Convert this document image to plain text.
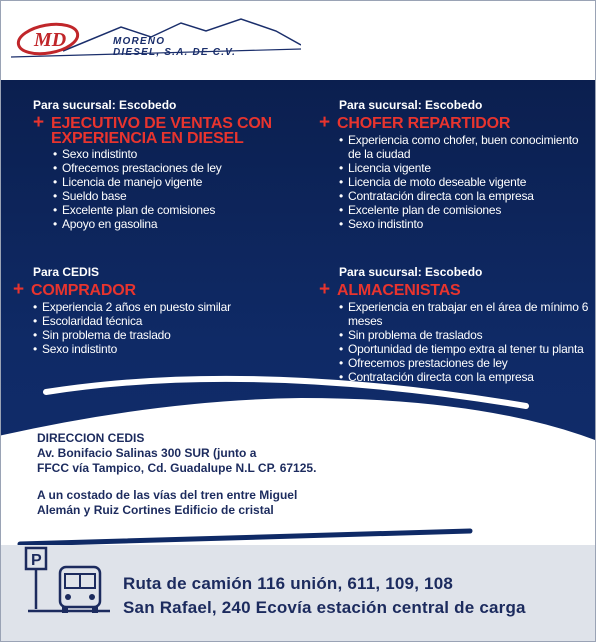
MD	MORENO
DIESEL, S.A. DE C.V.
Para sucursal: Escobedo
+ EJECUTIVO DE VENTAS CON
EXPERIENCIA EN DIESEL
• Sexo indistinto
• Ofrecemos prestaciones de ley
• Licencia de manejo vigente
• Sueldo base
• Excelente plan de comisiones
• Apoyo en gasolina
Para sucursal: Escobedo
+ CHOFER REPARTIDOR
• Experiencia como chofer, buen conocimiento de la ciudad
• Licencia vigente
• Licencia de moto deseable vigente
• Contratación directa con la empresa
• Excelente plan de comisiones
• Sexo indistinto
Para CEDIS
+ COMPRADOR
• Experiencia 2 años en puesto similar
• Escolaridad técnica
• Sin problema de traslado
• Sexo indistinto
Para sucursal: Escobedo
+ ALMACENISTAS
• Experiencia en trabajar en el área de mínimo 6 meses
• Sin problema de traslados
• Oportunidad de tiempo extra al tener tu planta
• Ofrecemos prestaciones de ley
• Contratación directa con la empresa
DIRECCION CEDIS
Av. Bonifacio Salinas 300 SUR (junto a
FFCC vía Tampico, Cd. Guadalupe N.L CP. 67125.
A un costado de las vías del tren entre Miguel
Alemán y Ruiz Cortines Edificio de cristal
P
Ruta de camión 116 unión, 611, 109, 108
San Rafael, 240 Ecovía estación central de carga
